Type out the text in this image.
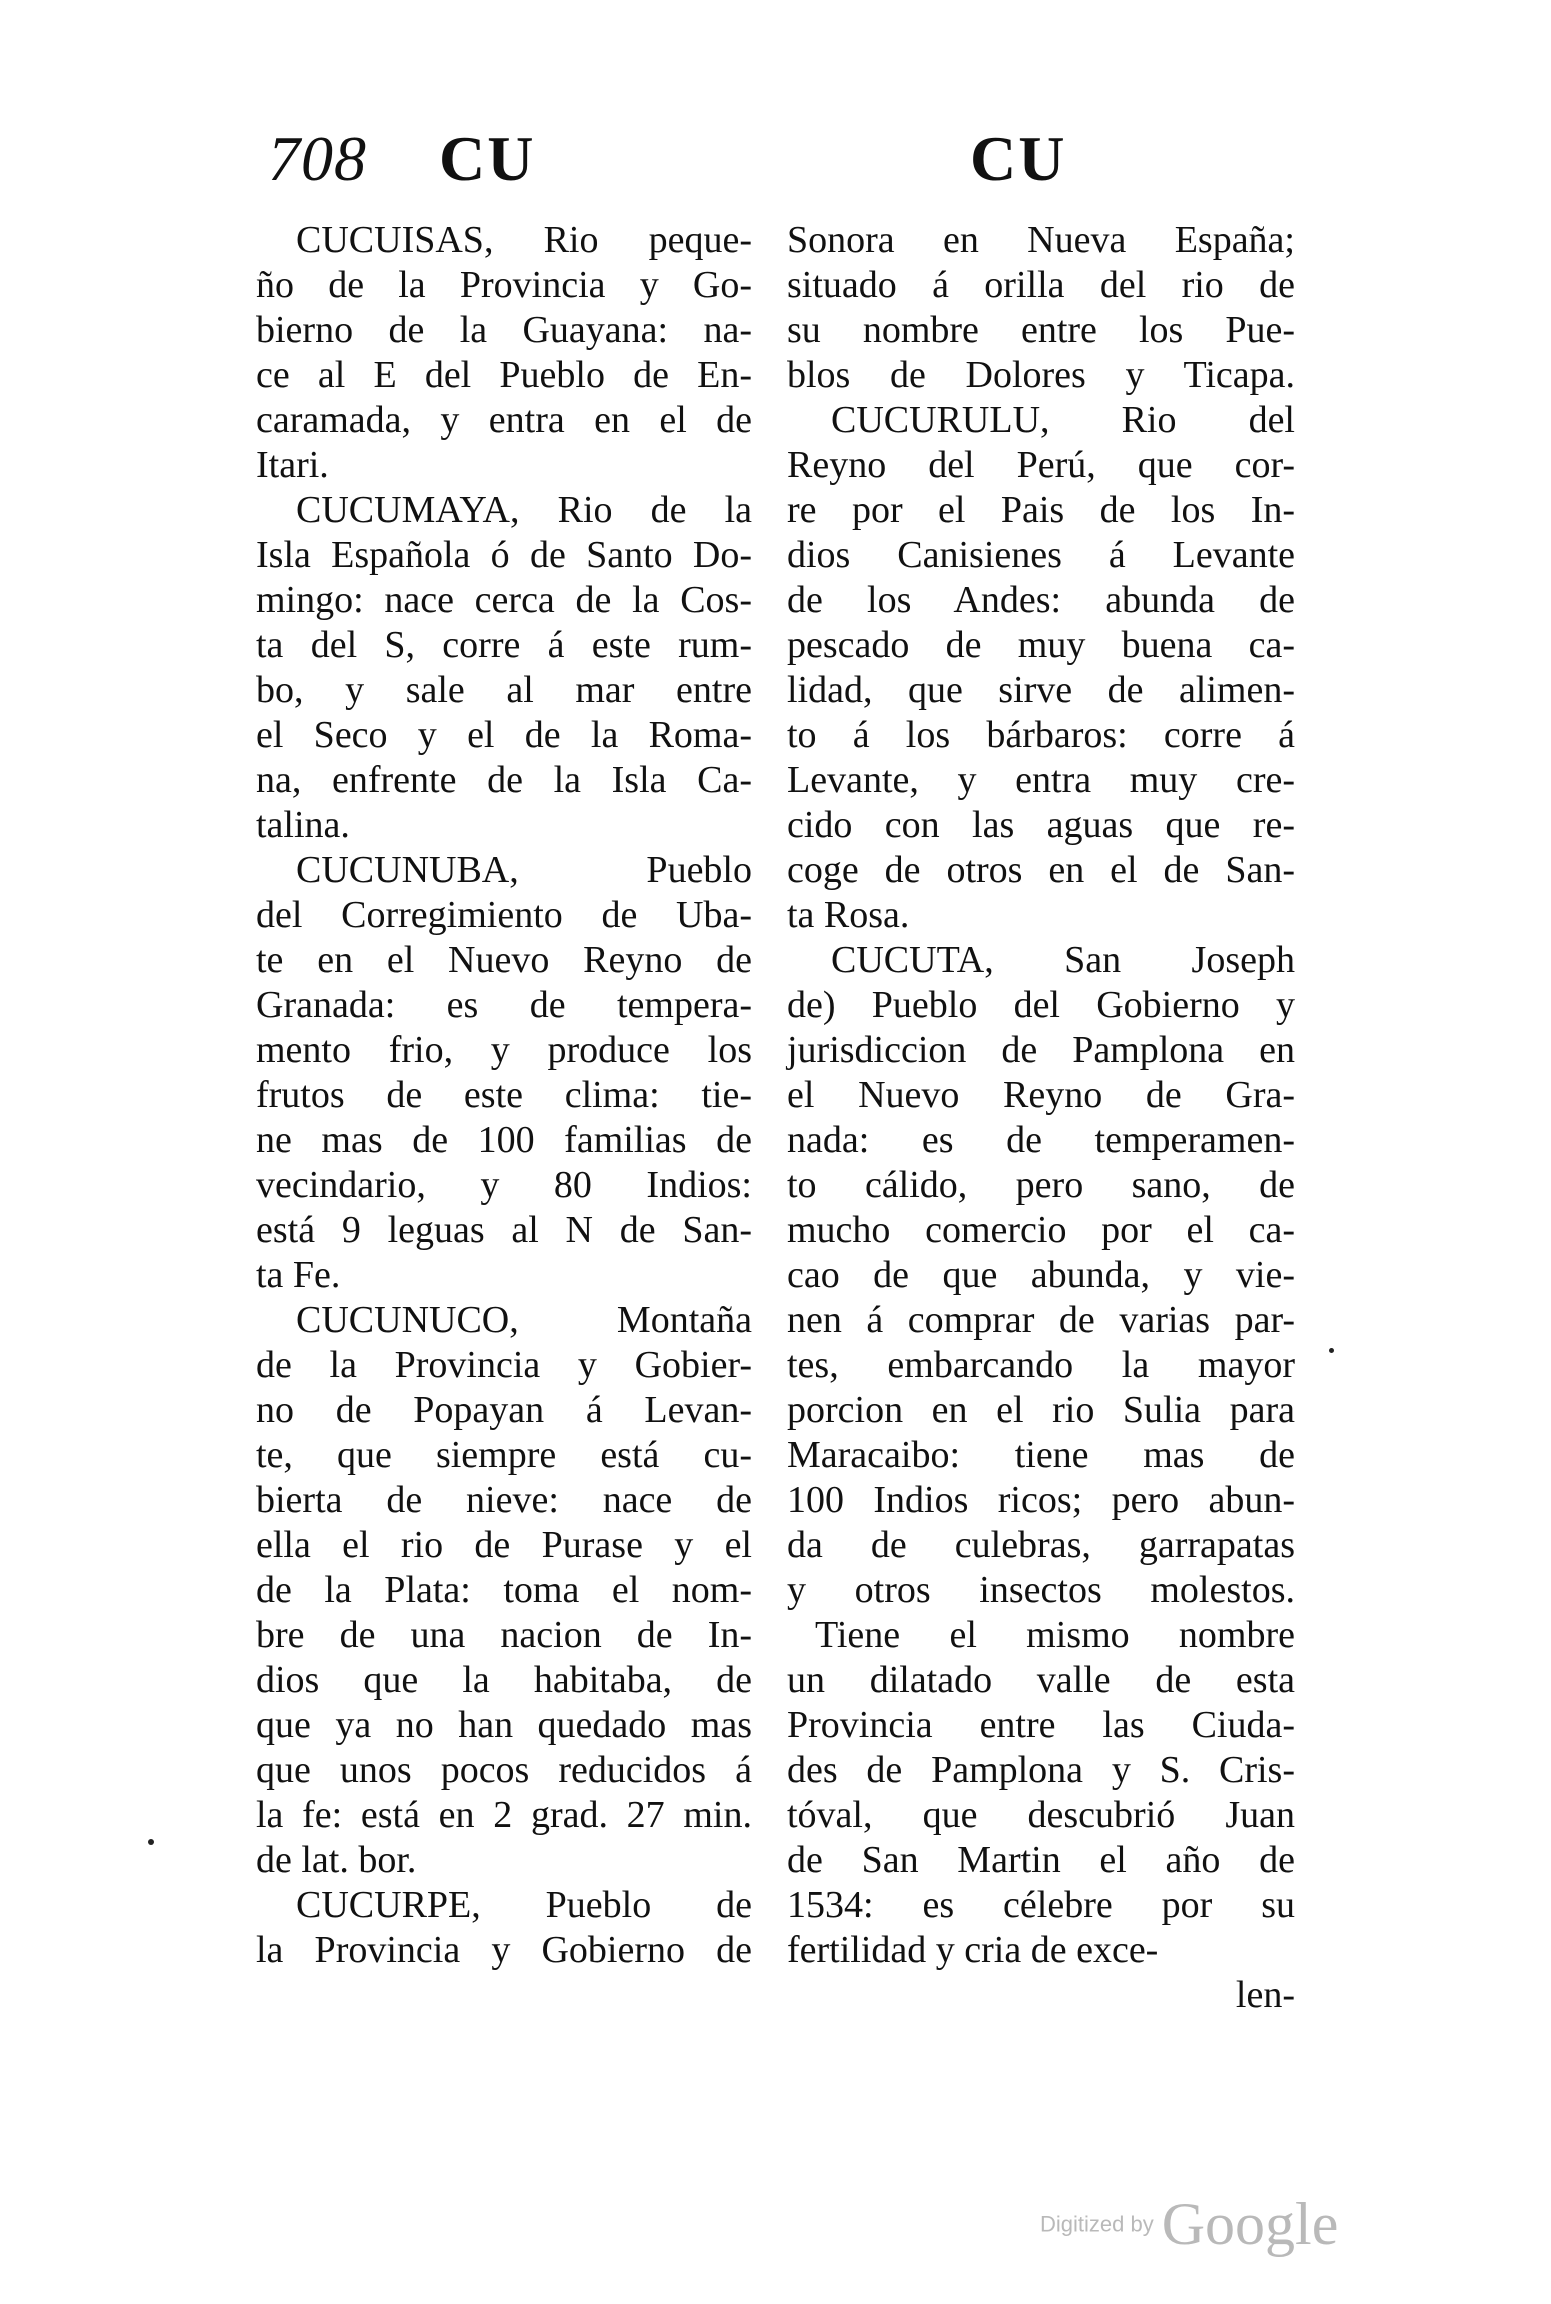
708 CU	CU
CUCUISAS, Rio peque-
ño de la Provincia y Go-
bierno de la Guayana: na-
ce al E del Pueblo de En-
caramada, y entra en el de
Itari.
CUCUMAYA, Rio de la
Isla Española ó de Santo Do-
mingo: nace cerca de la Cos-
ta del S, corre á este rum-
bo, y sale al mar entre
el Seco y el de la Roma-
na, enfrente de la Isla Ca-
talina.
CUCUNUBA, Pueblo
del Corregimiento de Uba-
te en el Nuevo Reyno de
Granada: es de tempera-
mento frio, y produce los
frutos de este clima: tie-
ne mas de 100 familias de
vecindario, y 80 Indios:
está 9 leguas al N de San-
ta Fe.
CUCUNUCO, Montaña
de la Provincia y Gobier-
no de Popayan á Levan-
te, que siempre está cu-
bierta de nieve: nace de
ella el rio de Purase y el
de la Plata: toma el nom-
bre de una nacion de In-
dios que la habitaba, de
que ya no han quedado mas
que unos pocos reducidos á
la fe: está en 2 grad. 27 min.
de lat. bor.
CUCURPE, Pueblo de
la Provincia y Gobierno de
Sonora en Nueva España;
situado á orilla del rio de
su nombre entre los Pue-
blos de Dolores y Ticapa.
CUCURULU, Rio del
Reyno del Perú, que cor-
re por el Pais de los In-
dios Canisienes á Levante
de los Andes: abunda de
pescado de muy buena ca-
lidad, que sirve de alimen-
to á los bárbaros: corre á
Levante, y entra muy cre-
cido con las aguas que re-
coge de otros en el de San-
ta Rosa.
CUCUTA, San Joseph
de) Pueblo del Gobierno y
jurisdiccion de Pamplona en
el Nuevo Reyno de Gra-
nada: es de temperamen-
to cálido, pero sano, de
mucho comercio por el ca-
cao de que abunda, y vie-
nen á comprar de varias par-
tes, embarcando la mayor
porcion en el rio Sulia para
Maracaibo: tiene mas de
100 Indios ricos; pero abun-
da de culebras, garrapatas
y otros insectos molestos.
Tiene el mismo nombre
un dilatado valle de esta
Provincia entre las Ciuda-
des de Pamplona y S. Cris-
tóval, que descubrió Juan
de San Martin el año de
1534: es célebre por su
fertilidad y cria de exce-
len-
Digitized by Google
